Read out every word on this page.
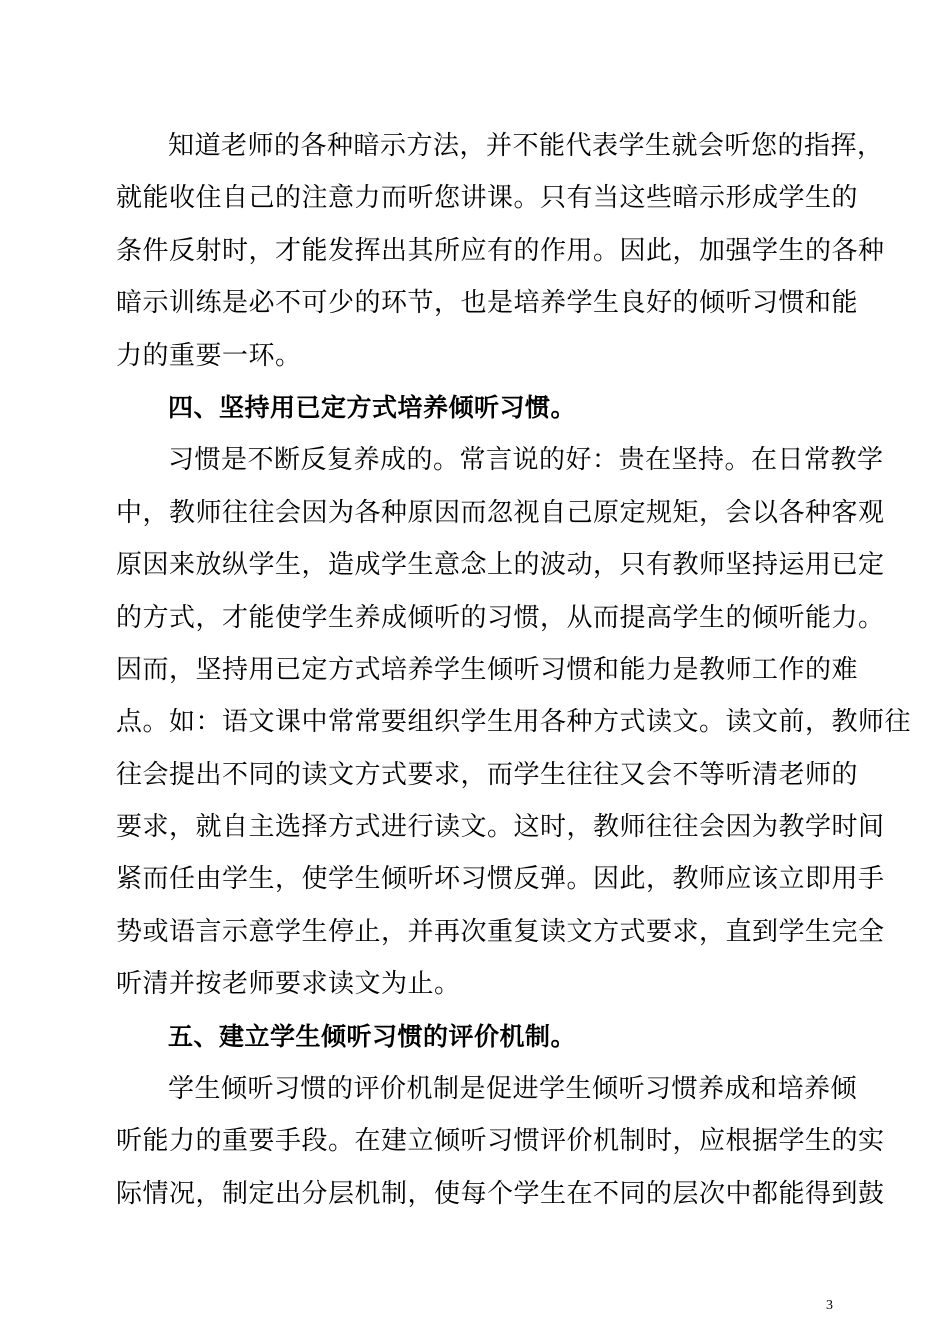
知道老师的各种暗示方法，并不能代表学生就会听您的指挥，
就能收住自己的注意力而听您讲课。只有当这些暗示形成学生的
条件反射时，才能发挥出其所应有的作用。因此，加强学生的各种
暗示训练是必不可少的环节，也是培养学生良好的倾听习惯和能
力的重要一环。
四、坚持用已定方式培养倾听习惯。
习惯是不断反复养成的。常言说的好：贵在坚持。在日常教学
中，教师往往会因为各种原因而忽视自己原定规矩，会以各种客观
原因来放纵学生，造成学生意念上的波动，只有教师坚持运用已定
的方式，才能使学生养成倾听的习惯，从而提高学生的倾听能力。
因而，坚持用已定方式培养学生倾听习惯和能力是教师工作的难
点。如：语文课中常常要组织学生用各种方式读文。读文前，教师往
往会提出不同的读文方式要求，而学生往往又会不等听清老师的
要求，就自主选择方式进行读文。这时，教师往往会因为教学时间
紧而任由学生，使学生倾听坏习惯反弹。因此，教师应该立即用手
势或语言示意学生停止，并再次重复读文方式要求，直到学生完全
听清并按老师要求读文为止。
五、建立学生倾听习惯的评价机制。
学生倾听习惯的评价机制是促进学生倾听习惯养成和培养倾
听能力的重要手段。在建立倾听习惯评价机制时，应根据学生的实
际情况，制定出分层机制，使每个学生在不同的层次中都能得到鼓
3
